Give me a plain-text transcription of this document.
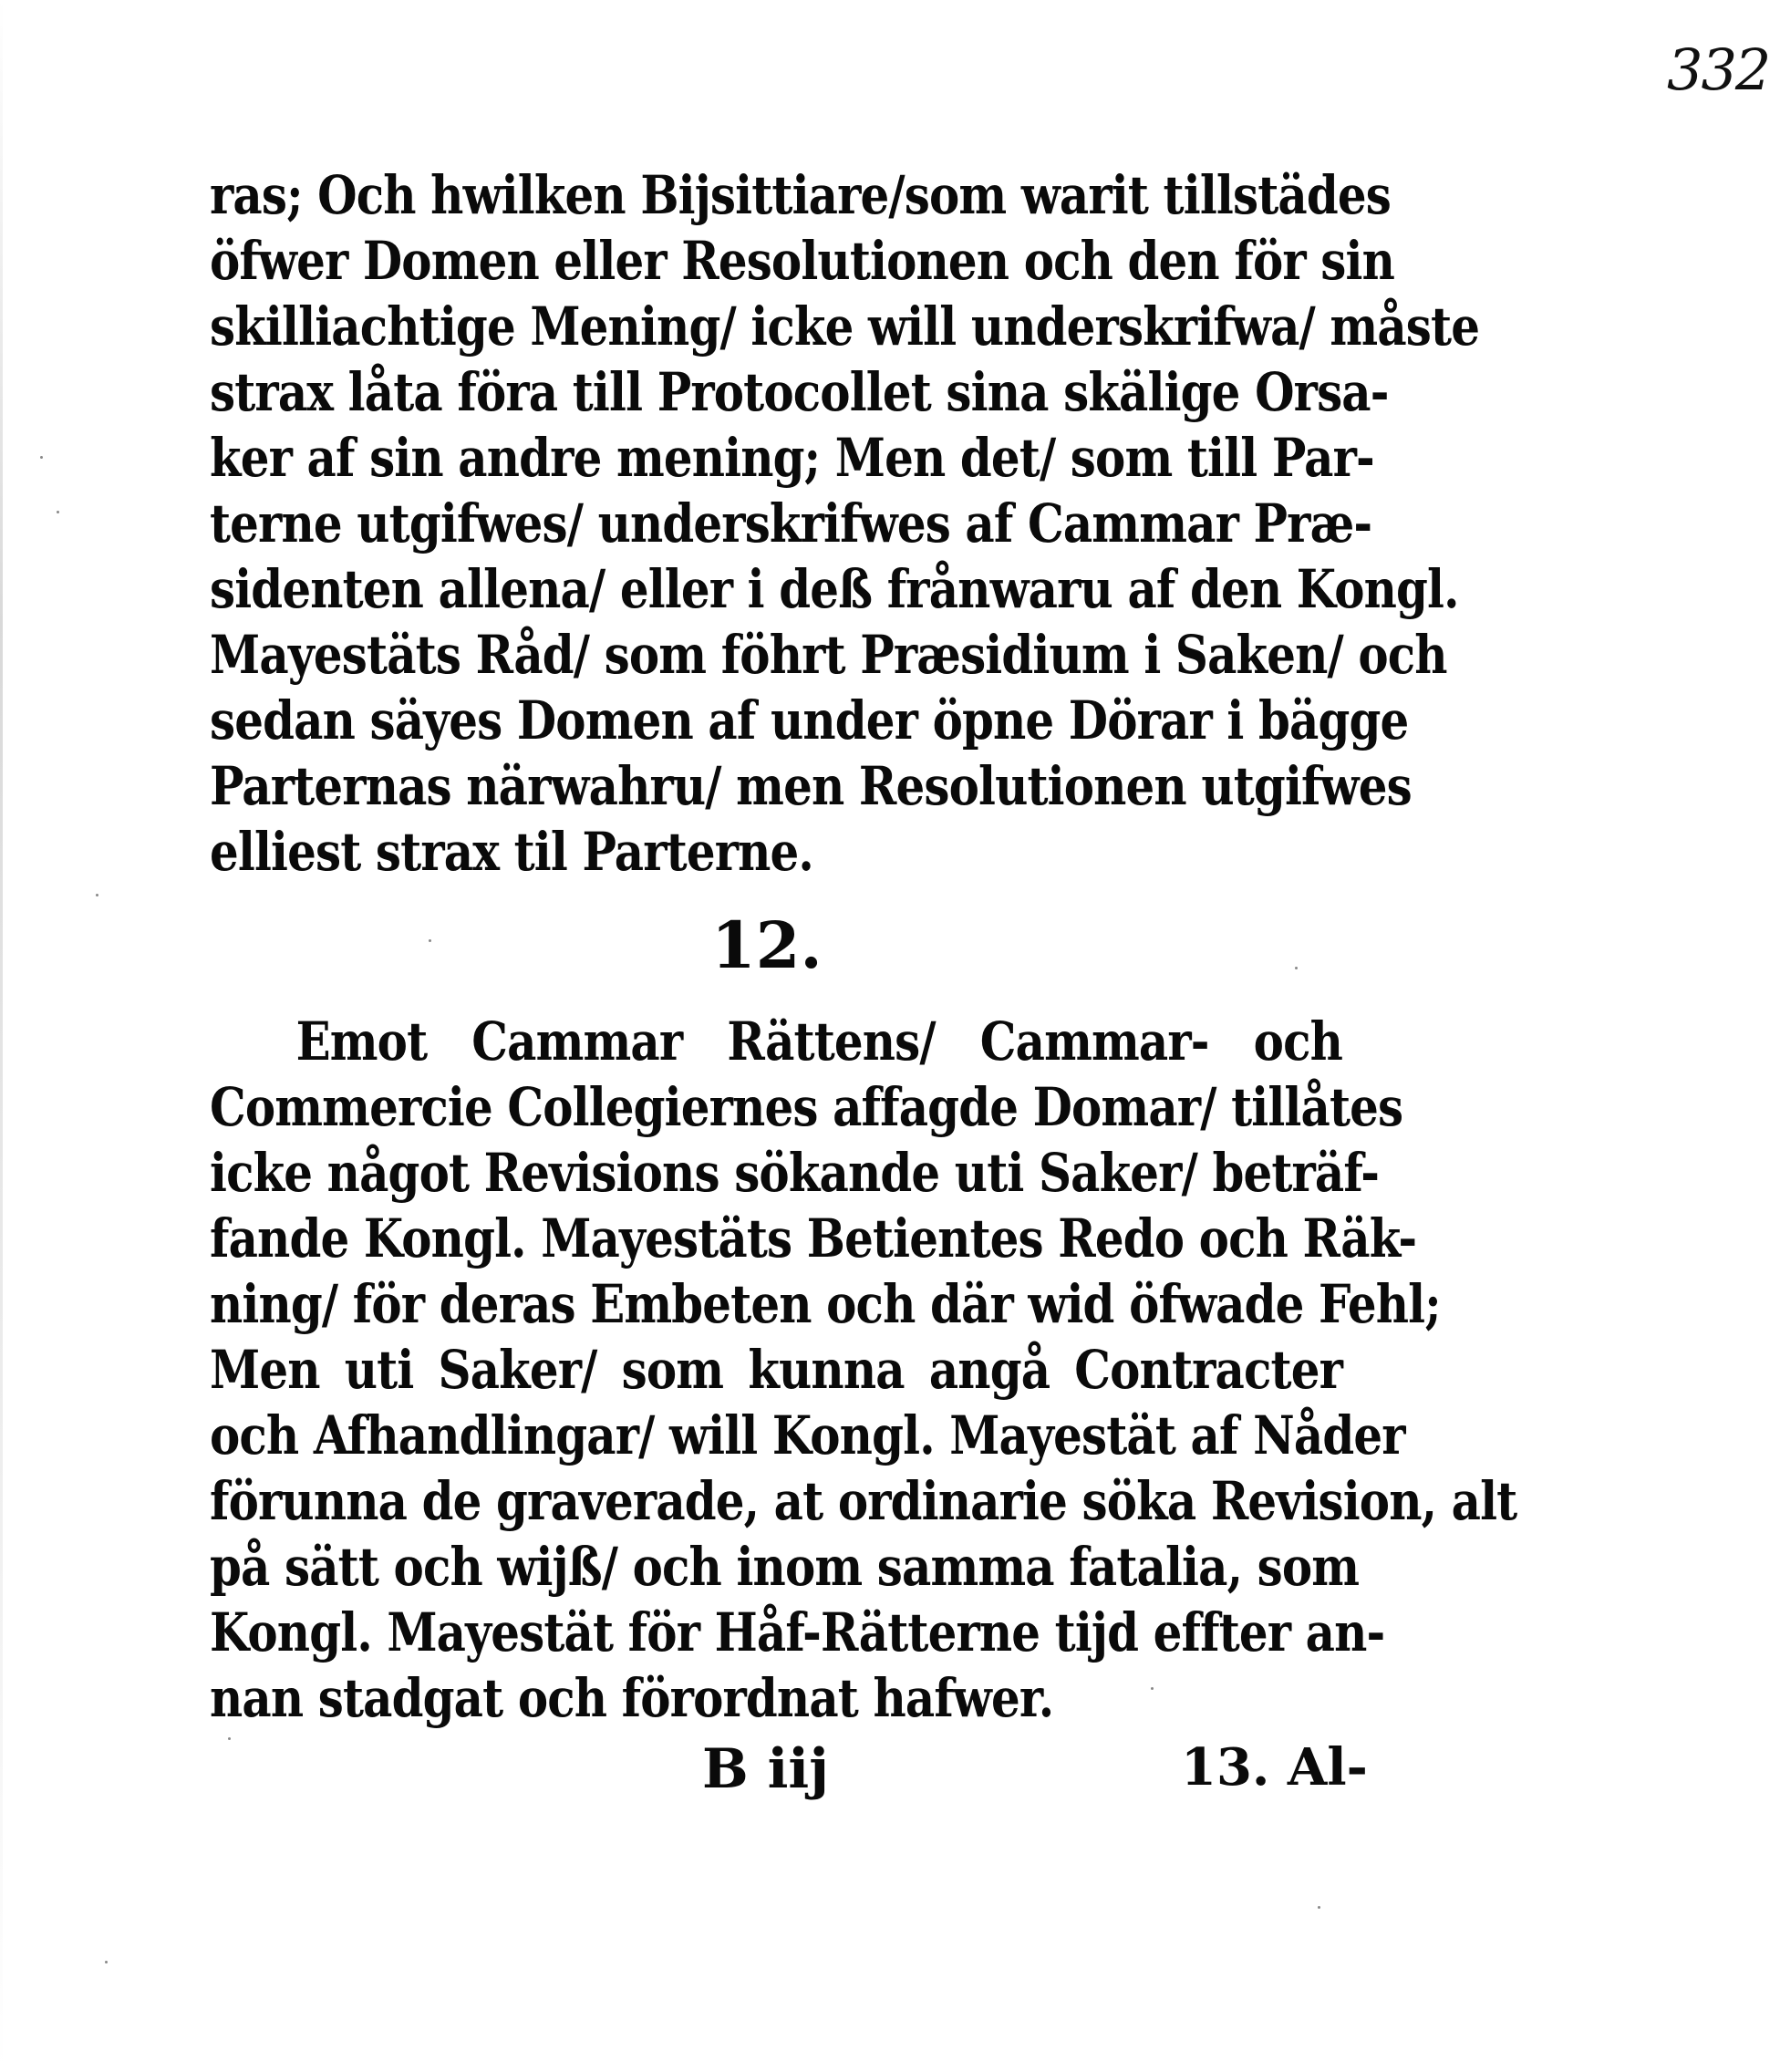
332
ras; Och hwilken Bijsittiare/som warit tillstädes
öfwer Domen eller Resolutionen och den för sin
skilliachtige Mening/ icke will underskrifwa/ måste
strax låta föra till Protocollet sina skälige Orsa-
ker af sin andre mening; Men det/ som till Par-
terne utgifwes/ underskrifwes af Cammar Præ-
sidenten allena/ eller i deß frånwaru af den Kongl.
Mayestäts Råd/ som föhrt Præsidium i Saken/ och
sedan säyes Domen af under öpne Dörar i bägge
Parternas närwahru/ men Resolutionen utgifwes
elliest strax til Parterne.
12.
Emot Cammar Rättens/ Cammar- och
Commercie Collegiernes affagde Domar/ tillåtes
icke något Revisions sökande uti Saker/ beträf-
fande Kongl. Mayestäts Betientes Redo och Räk-
ning/ för deras Embeten och där wid öfwade Fehl;
Men uti Saker/ som kunna angå Contracter
och Afhandlingar/ will Kongl. Mayestät af Nåder
förunna de graverade, at ordinarie söka Revision, alt
på sätt och wijß/ och inom samma fatalia, som
Kongl. Mayestät för Håf-Rätterne tijd effter an-
nan stadgat och förordnat hafwer.
B iij	13. Al-
